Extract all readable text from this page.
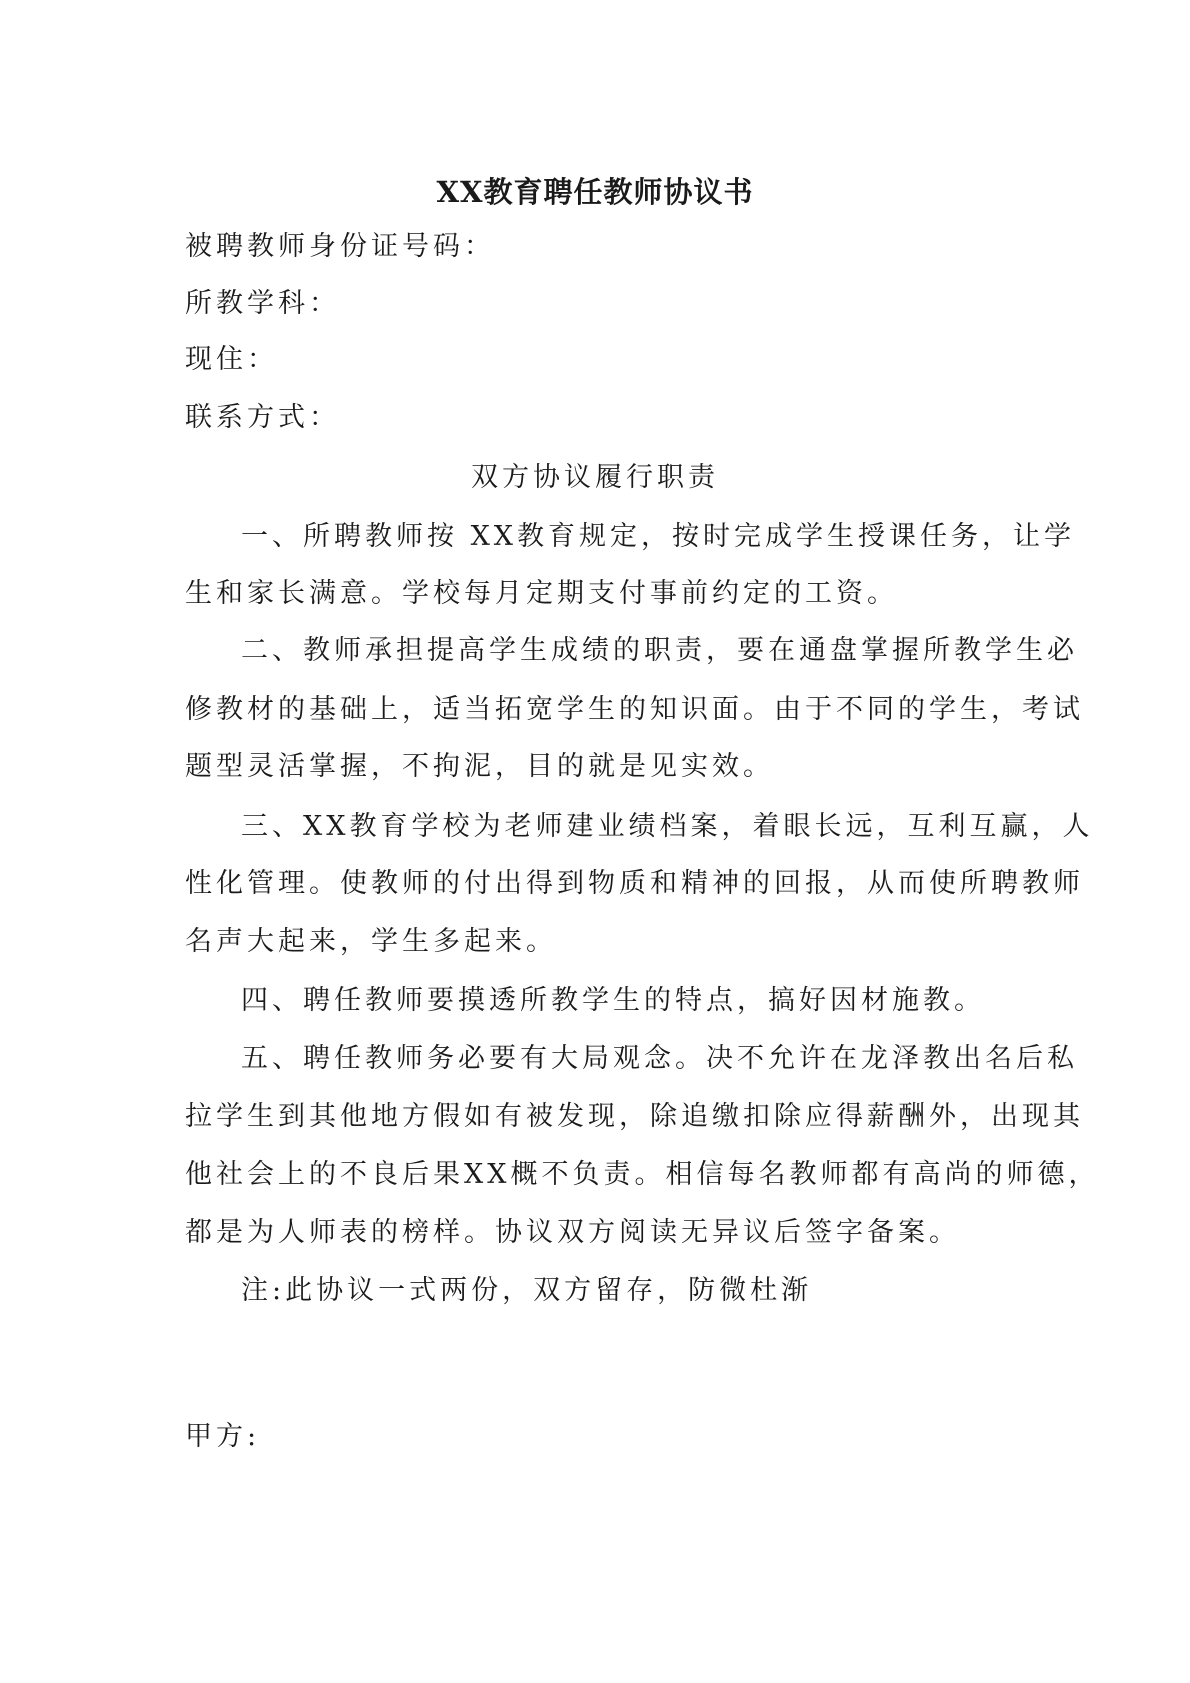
XX教育聘任教师协议书
被聘教师身份证号码：
所教学科：
现住：
联系方式：
双方协议履行职责
一、所聘教师按 XX教育规定，按时完成学生授课任务，让学
生和家长满意。学校每月定期支付事前约定的工资。
二、教师承担提高学生成绩的职责，要在通盘掌握所教学生必
修教材的基础上，适当拓宽学生的知识面。由于不同的学生，考试
题型灵活掌握，不拘泥，目的就是见实效。
三、XX教育学校为老师建业绩档案，着眼长远，互利互赢，人
性化管理。使教师的付出得到物质和精神的回报，从而使所聘教师
名声大起来，学生多起来。
四、聘任教师要摸透所教学生的特点，搞好因材施教。
五、聘任教师务必要有大局观念。决不允许在龙泽教出名后私
拉学生到其他地方假如有被发现，除追缴扣除应得薪酬外，出现其
他社会上的不良后果XX概不负责。相信每名教师都有高尚的师德，
都是为人师表的榜样。协议双方阅读无异议后签字备案。
注:此协议一式两份，双方留存，防微杜渐
甲方:
